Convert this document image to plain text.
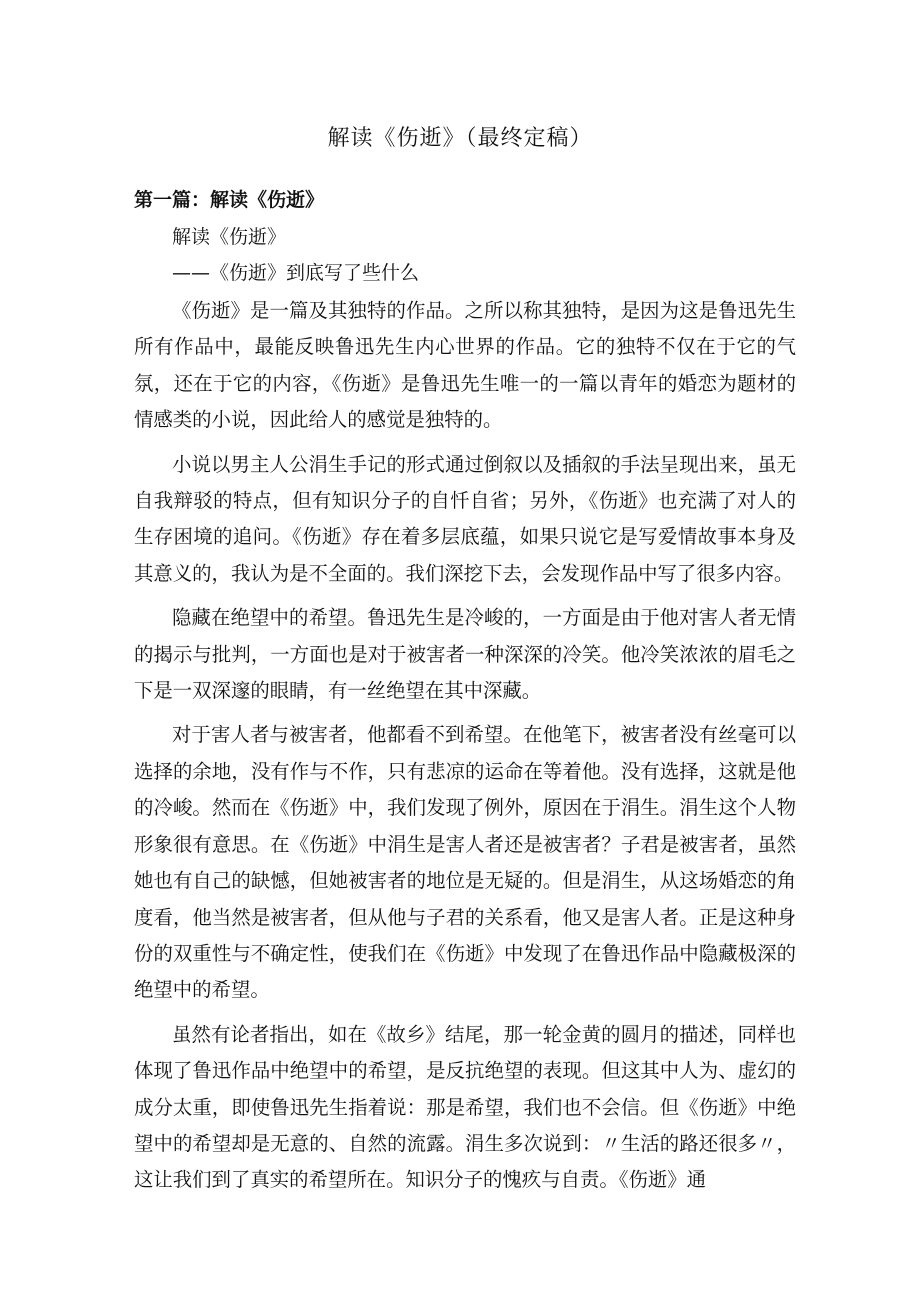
解读《伤逝》（最终定稿）
第一篇：解读《伤逝》

解读《伤逝》

——《伤逝》到底写了些什么

《伤逝》是一篇及其独特的作品。之所以称其独特，是因为这是鲁迅先生所有作品中，最能反映鲁迅先生内心世界的作品。它的独特不仅在于它的气氛，还在于它的内容，《伤逝》是鲁迅先生唯一的一篇以青年的婚恋为题材的情感类的小说，因此给人的感觉是独特的。

小说以男主人公涓生手记的形式通过倒叙以及插叙的手法呈现出来，虽无自我辩驳的特点，但有知识分子的自忏自省；另外，《伤逝》也充满了对人的生存困境的追问。《伤逝》存在着多层底蕴，如果只说它是写爱情故事本身及其意义的，我认为是不全面的。我们深挖下去，会发现作品中写了很多内容。

隐藏在绝望中的希望。鲁迅先生是冷峻的，一方面是由于他对害人者无情的揭示与批判，一方面也是对于被害者一种深深的冷笑。他冷笑浓浓的眉毛之下是一双深邃的眼睛，有一丝绝望在其中深藏。

对于害人者与被害者，他都看不到希望。在他笔下，被害者没有丝毫可以选择的余地，没有作与不作，只有悲凉的运命在等着他。没有选择，这就是他的冷峻。然而在《伤逝》中，我们发现了例外，原因在于涓生。涓生这个人物形象很有意思。在《伤逝》中涓生是害人者还是被害者？子君是被害者，虽然她也有自己的缺憾，但她被害者的地位是无疑的。但是涓生，从这场婚恋的角度看，他当然是被害者，但从他与子君的关系看，他又是害人者。正是这种身份的双重性与不确定性，使我们在《伤逝》中发现了在鲁迅作品中隐藏极深的绝望中的希望。

虽然有论者指出，如在《故乡》结尾，那一轮金黄的圆月的描述，同样也体现了鲁迅作品中绝望中的希望，是反抗绝望的表现。但这其中人为、虚幻的成分太重，即使鲁迅先生指着说：那是希望，我们也不会信。但《伤逝》中绝望中的希望却是无意的、自然的流露。涓生多次说到：〃生活的路还很多〃，这让我们到了真实的希望所在。知识分子的愧疚与自责。《伤逝》通
